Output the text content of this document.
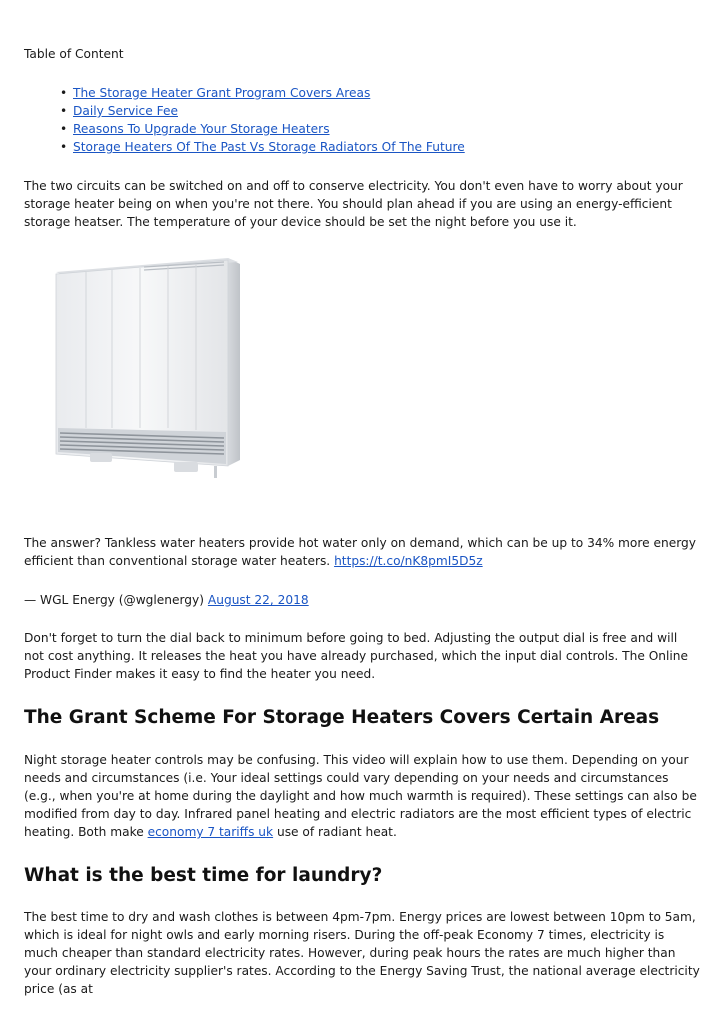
Table of Content

• The Storage Heater Grant Program Covers Areas
• Daily Service Fee
• Reasons To Upgrade Your Storage Heaters
• Storage Heaters Of The Past Vs Storage Radiators Of The Future

The two circuits can be switched on and off to conserve electricity. You don't even have to worry about your storage heater being on when you're not there. You should plan ahead if you are using an energy-efficient storage heatser. The temperature of your device should be set the night before you use it.

The answer? Tankless water heaters provide hot water only on demand, which can be up to 34% more energy efficient than conventional storage water heaters. https://t.co/nK8pmI5D5z

— WGL Energy (@wglenergy) August 22, 2018

Don't forget to turn the dial back to minimum before going to bed. Adjusting the output dial is free and will not cost anything. It releases the heat you have already purchased, which the input dial controls. The Online Product Finder makes it easy to find the heater you need.

The Grant Scheme For Storage Heaters Covers Certain Areas

Night storage heater controls may be confusing. This video will explain how to use them. Depending on your needs and circumstances (i.e. Your ideal settings could vary depending on your needs and circumstances (e.g., when you're at home during the daylight and how much warmth is required). These settings can also be modified from day to day. Infrared panel heating and electric radiators are the most efficient types of electric heating. Both make economy 7 tariffs uk use of radiant heat.

What is the best time for laundry?

The best time to dry and wash clothes is between 4pm-7pm. Energy prices are lowest between 10pm to 5am, which is ideal for night owls and early morning risers. During the off-peak Economy 7 times, electricity is much cheaper than standard electricity rates. However, during peak hours the rates are much higher than your ordinary electricity supplier's rates. According to the Energy Saving Trust, the national average electricity price (as at
